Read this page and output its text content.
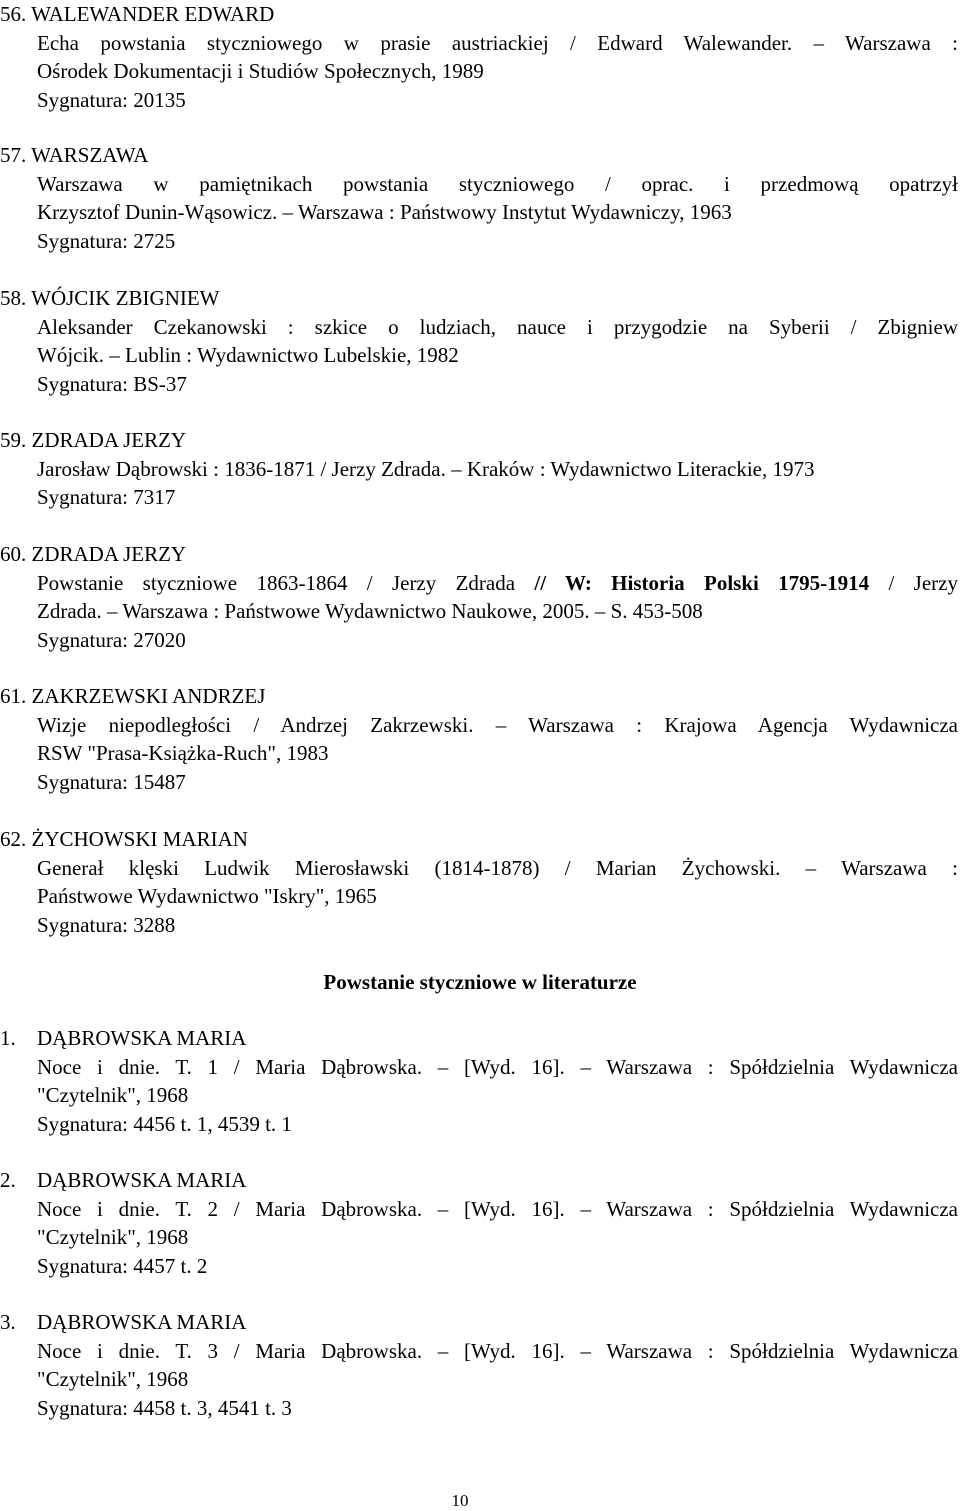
56. WALEWANDER EDWARD
Echa powstania styczniowego w prasie austriackiej / Edward Walewander. – Warszawa :
Ośrodek Dokumentacji i Studiów Społecznych, 1989
Sygnatura: 20135
57. WARSZAWA
Warszawa w pamiętnikach powstania styczniowego / oprac. i przedmową opatrzył
Krzysztof Dunin-Wąsowicz. – Warszawa : Państwowy Instytut Wydawniczy, 1963
Sygnatura: 2725
58. WÓJCIK ZBIGNIEW
Aleksander Czekanowski : szkice o ludziach, nauce i przygodzie na Syberii / Zbigniew
Wójcik. – Lublin : Wydawnictwo Lubelskie, 1982
Sygnatura: BS-37
59. ZDRADA JERZY
Jarosław Dąbrowski : 1836-1871 / Jerzy Zdrada. – Kraków : Wydawnictwo Literackie, 1973
Sygnatura: 7317
60. ZDRADA JERZY
Powstanie styczniowe 1863-1864 / Jerzy Zdrada // W: Historia Polski 1795-1914 / Jerzy
Zdrada. – Warszawa : Państwowe Wydawnictwo Naukowe, 2005. – S. 453-508
Sygnatura: 27020
61. ZAKRZEWSKI ANDRZEJ
Wizje niepodległości / Andrzej Zakrzewski. – Warszawa : Krajowa Agencja Wydawnicza
RSW "Prasa-Książka-Ruch", 1983
Sygnatura: 15487
62. ŻYCHOWSKI MARIAN
Generał klęski Ludwik Mierosławski (1814-1878) / Marian Żychowski. – Warszawa :
Państwowe Wydawnictwo "Iskry", 1965
Sygnatura: 3288
Powstanie styczniowe w literaturze
1. DĄBROWSKA MARIA
Noce i dnie. T. 1 / Maria Dąbrowska. – [Wyd. 16]. – Warszawa : Spółdzielnia Wydawnicza
"Czytelnik", 1968
Sygnatura: 4456 t. 1, 4539 t. 1
2. DĄBROWSKA MARIA
Noce i dnie. T. 2 / Maria Dąbrowska. – [Wyd. 16]. – Warszawa : Spółdzielnia Wydawnicza
"Czytelnik", 1968
Sygnatura: 4457 t. 2
3. DĄBROWSKA MARIA
Noce i dnie. T. 3 / Maria Dąbrowska. – [Wyd. 16]. – Warszawa : Spółdzielnia Wydawnicza
"Czytelnik", 1968
Sygnatura: 4458 t. 3, 4541 t. 3
10
